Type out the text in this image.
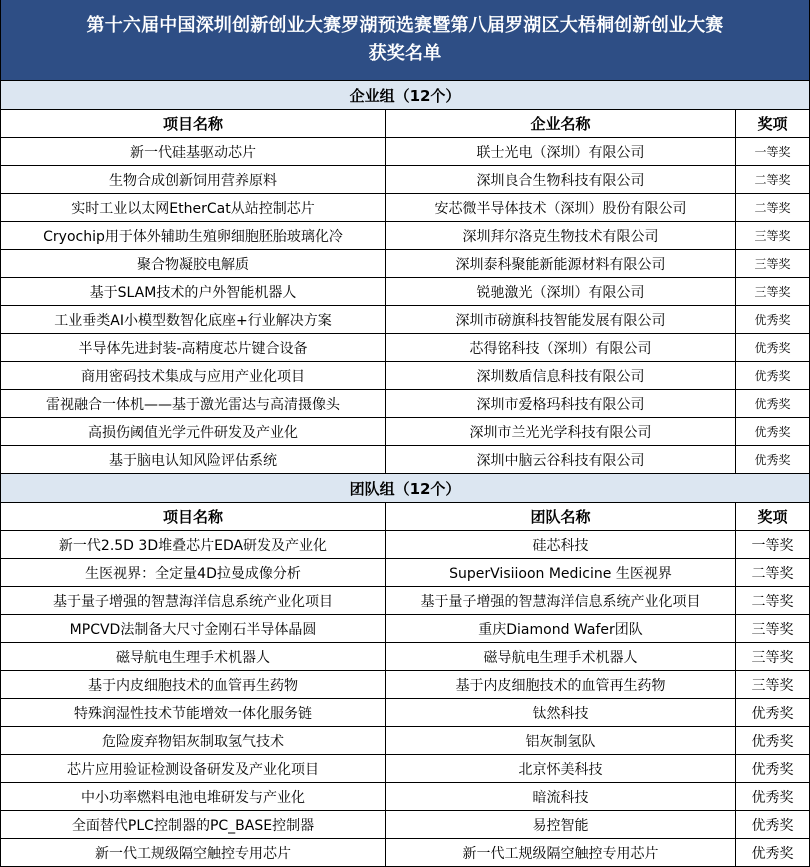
第十六届中国深圳创新创业大赛罗湖预选赛暨第八届罗湖区大梧桐创新创业大赛
获奖名单
企业组（12个）
项目名称	企业名称	奖项
新一代硅基驱动芯片	联士光电（深圳）有限公司	一等奖
生物合成创新饲用营养原料	深圳良合生物科技有限公司	二等奖
实时工业以太网EtherCat从站控制芯片	安芯微半导体技术（深圳）股份有限公司	二等奖
Cryochip用于体外辅助生殖卵细胞胚胎玻璃化冷	深圳拜尔洛克生物技术有限公司	三等奖
聚合物凝胶电解质	深圳泰科聚能新能源材料有限公司	三等奖
基于SLAM技术的户外智能机器人	锐驰激光（深圳）有限公司	三等奖
工业垂类AI小模型数智化底座+行业解决方案	深圳市磅旗科技智能发展有限公司	优秀奖
半导体先进封装-高精度芯片键合设备	芯得铭科技（深圳）有限公司	优秀奖
商用密码技术集成与应用产业化项目	深圳数盾信息科技有限公司	优秀奖
雷视融合一体机——基于激光雷达与高清摄像头	深圳市爱格玛科技有限公司	优秀奖
高损伤阈值光学元件研发及产业化	深圳市兰光光学科技有限公司	优秀奖
基于脑电认知风险评估系统	深圳中脑云谷科技有限公司	优秀奖
团队组（12个）
项目名称	团队名称	奖项
新一代2.5D 3D堆叠芯片EDA研发及产业化	硅芯科技	一等奖
生医视界：全定量4D拉曼成像分析	SuperVisiioon Medicine 生医视界	二等奖
基于量子增强的智慧海洋信息系统产业化项目	基于量子增强的智慧海洋信息系统产业化项目	二等奖
MPCVD法制备大尺寸金刚石半导体晶圆	重庆Diamond Wafer团队	三等奖
磁导航电生理手术机器人	磁导航电生理手术机器人	三等奖
基于内皮细胞技术的血管再生药物	基于内皮细胞技术的血管再生药物	三等奖
特殊润湿性技术节能增效一体化服务链	钛然科技	优秀奖
危险废弃物铝灰制取氢气技术	铝灰制氢队	优秀奖
芯片应用验证检测设备研发及产业化项目	北京怀美科技	优秀奖
中小功率燃料电池电堆研发与产业化	暗流科技	优秀奖
全面替代PLC控制器的PC_BASE控制器	易控智能	优秀奖
新一代工规级隔空触控专用芯片	新一代工规级隔空触控专用芯片	优秀奖
